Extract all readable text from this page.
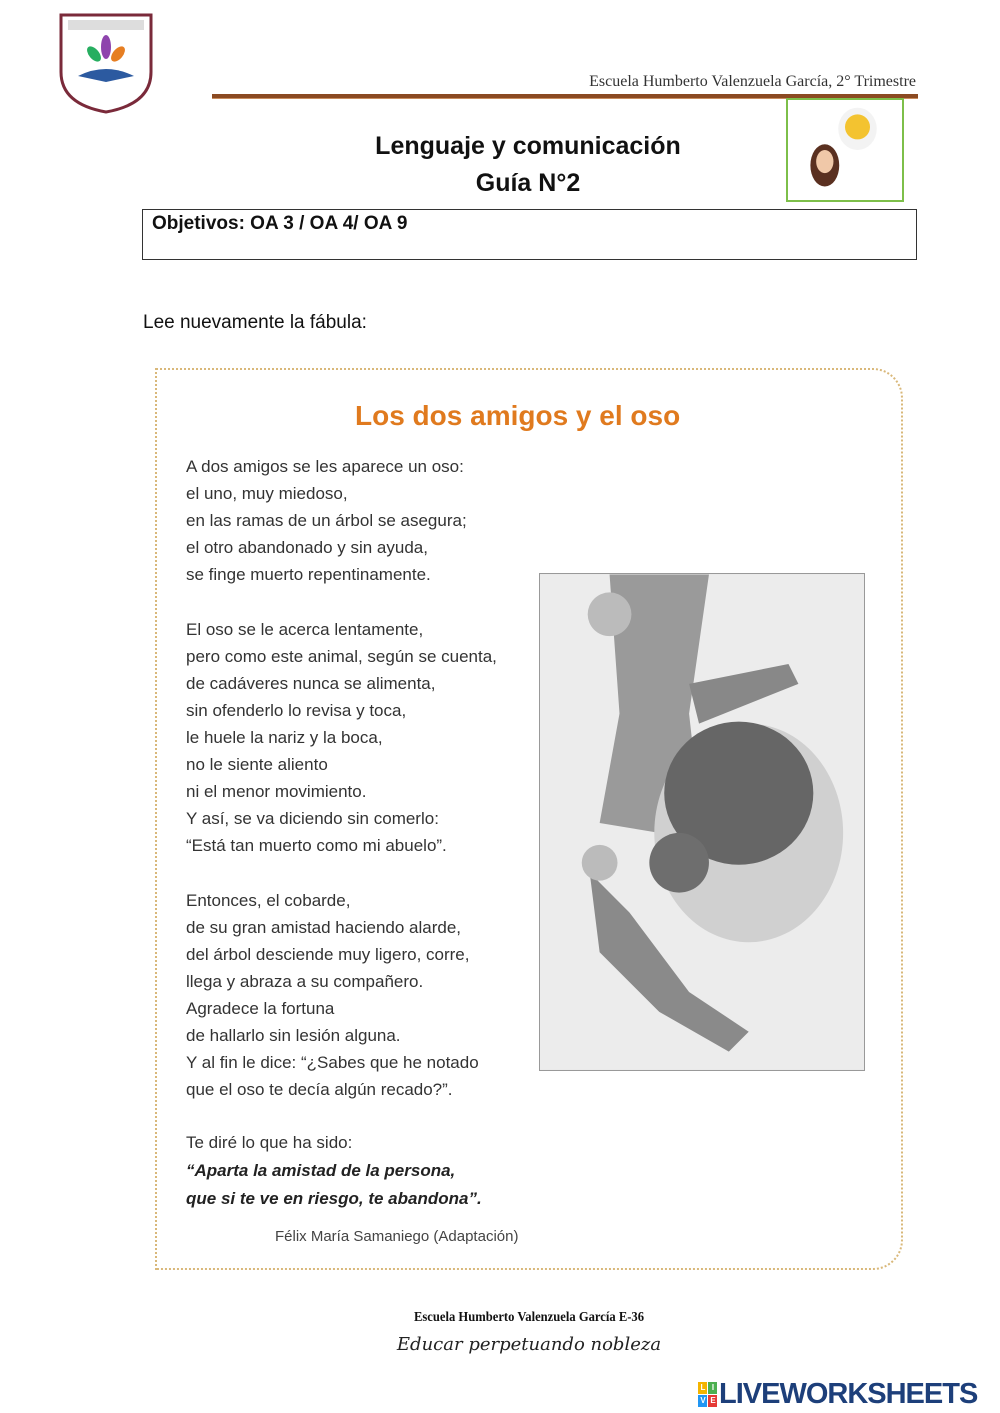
Escuela Humberto Valenzuela García, 2° Trimestre
Lenguaje y comunicación
Guía N°2
Objetivos: OA 3 / OA 4/ OA 9
Lee nuevamente la fábula:
Los dos amigos y el oso
A dos amigos se les aparece un oso:
el uno, muy miedoso,
en las ramas de un árbol se asegura;
el otro abandonado y sin ayuda,
se finge muerto repentinamente.
El oso se le acerca lentamente,
pero como este animal, según se cuenta,
de cadáveres nunca se alimenta,
sin ofenderlo lo revisa y toca,
le huele la nariz y la boca,
no le siente aliento
ni el menor movimiento.
Y así, se va diciendo sin comerlo:
“Está tan muerto como mi abuelo”.
Entonces, el cobarde,
de su gran amistad haciendo alarde,
del árbol desciende muy ligero, corre,
llega y abraza a su compañero.
Agradece la fortuna
de hallarlo sin lesión alguna.
Y al fin le dice: “¿Sabes que he notado
que el oso te decía algún recado?”.
Te diré lo que ha sido:
“Aparta la amistad de la persona,
que si te ve en riesgo, te abandona”.
Félix María Samaniego (Adaptación)
Escuela Humberto Valenzuela García E-36
Educar perpetuando nobleza
L I
V E LIVEWORKSHEETS
